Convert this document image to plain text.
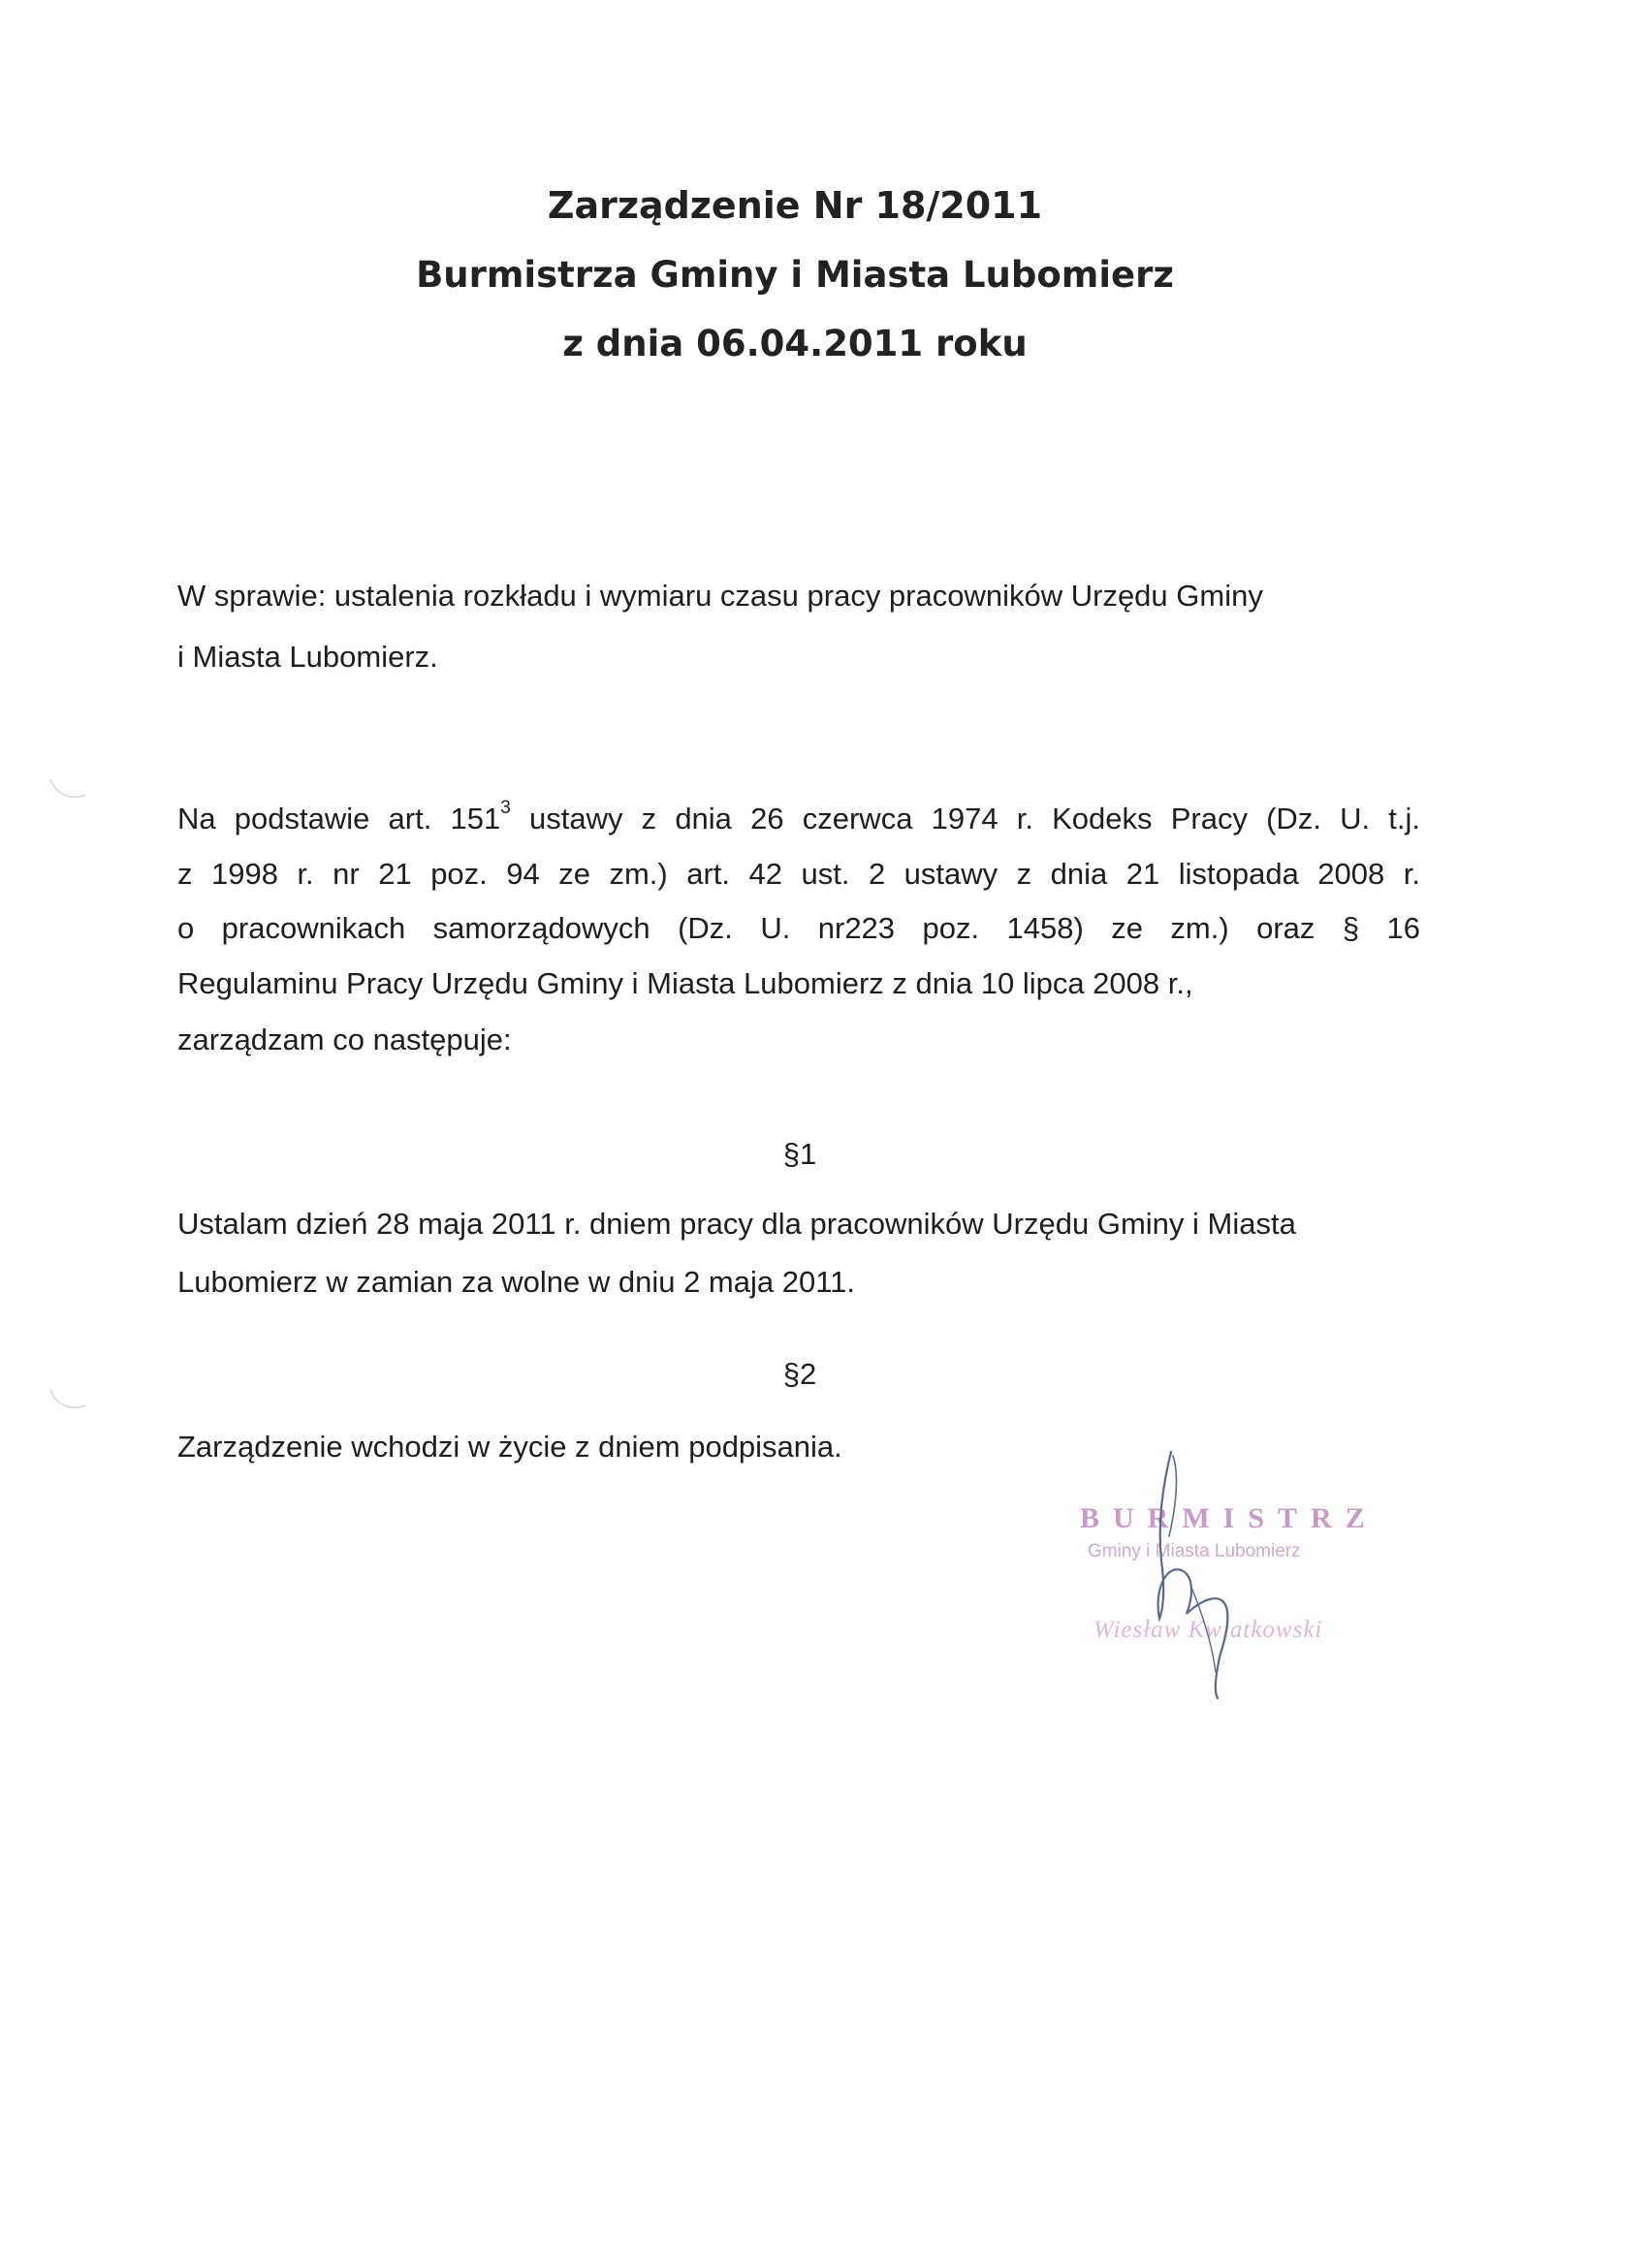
Zarządzenie Nr 18/2011
Burmistrza Gminy i Miasta Lubomierz
z dnia 06.04.2011 roku
W sprawie: ustalenia rozkładu i wymiaru czasu pracy pracowników Urzędu Gminy
i Miasta Lubomierz.
Na podstawie art. $151^3$ ustawy z dnia 26 czerwca 1974 r. Kodeks Pracy (Dz. U. t.j.
z 1998 r. nr 21 poz. 94 ze zm.) art. 42 ust. 2 ustawy z dnia 21 listopada 2008 r.
o pracownikach samorządowych (Dz. U. nr223 poz. 1458) ze zm.) oraz § 16
Regulaminu Pracy Urzędu Gminy i Miasta Lubomierz z dnia 10 lipca 2008 r.,
zarządzam co następuje:
§1
Ustalam dzień 28 maja 2011 r. dniem pracy dla pracowników Urzędu Gminy i Miasta
Lubomierz w zamian za wolne w dniu 2 maja 2011.
§2
Zarządzenie wchodzi w życie z dniem podpisania.
BURMISTRZ
Gminy i Miasta Lubomierz
Wiesław Kwiatkowski
